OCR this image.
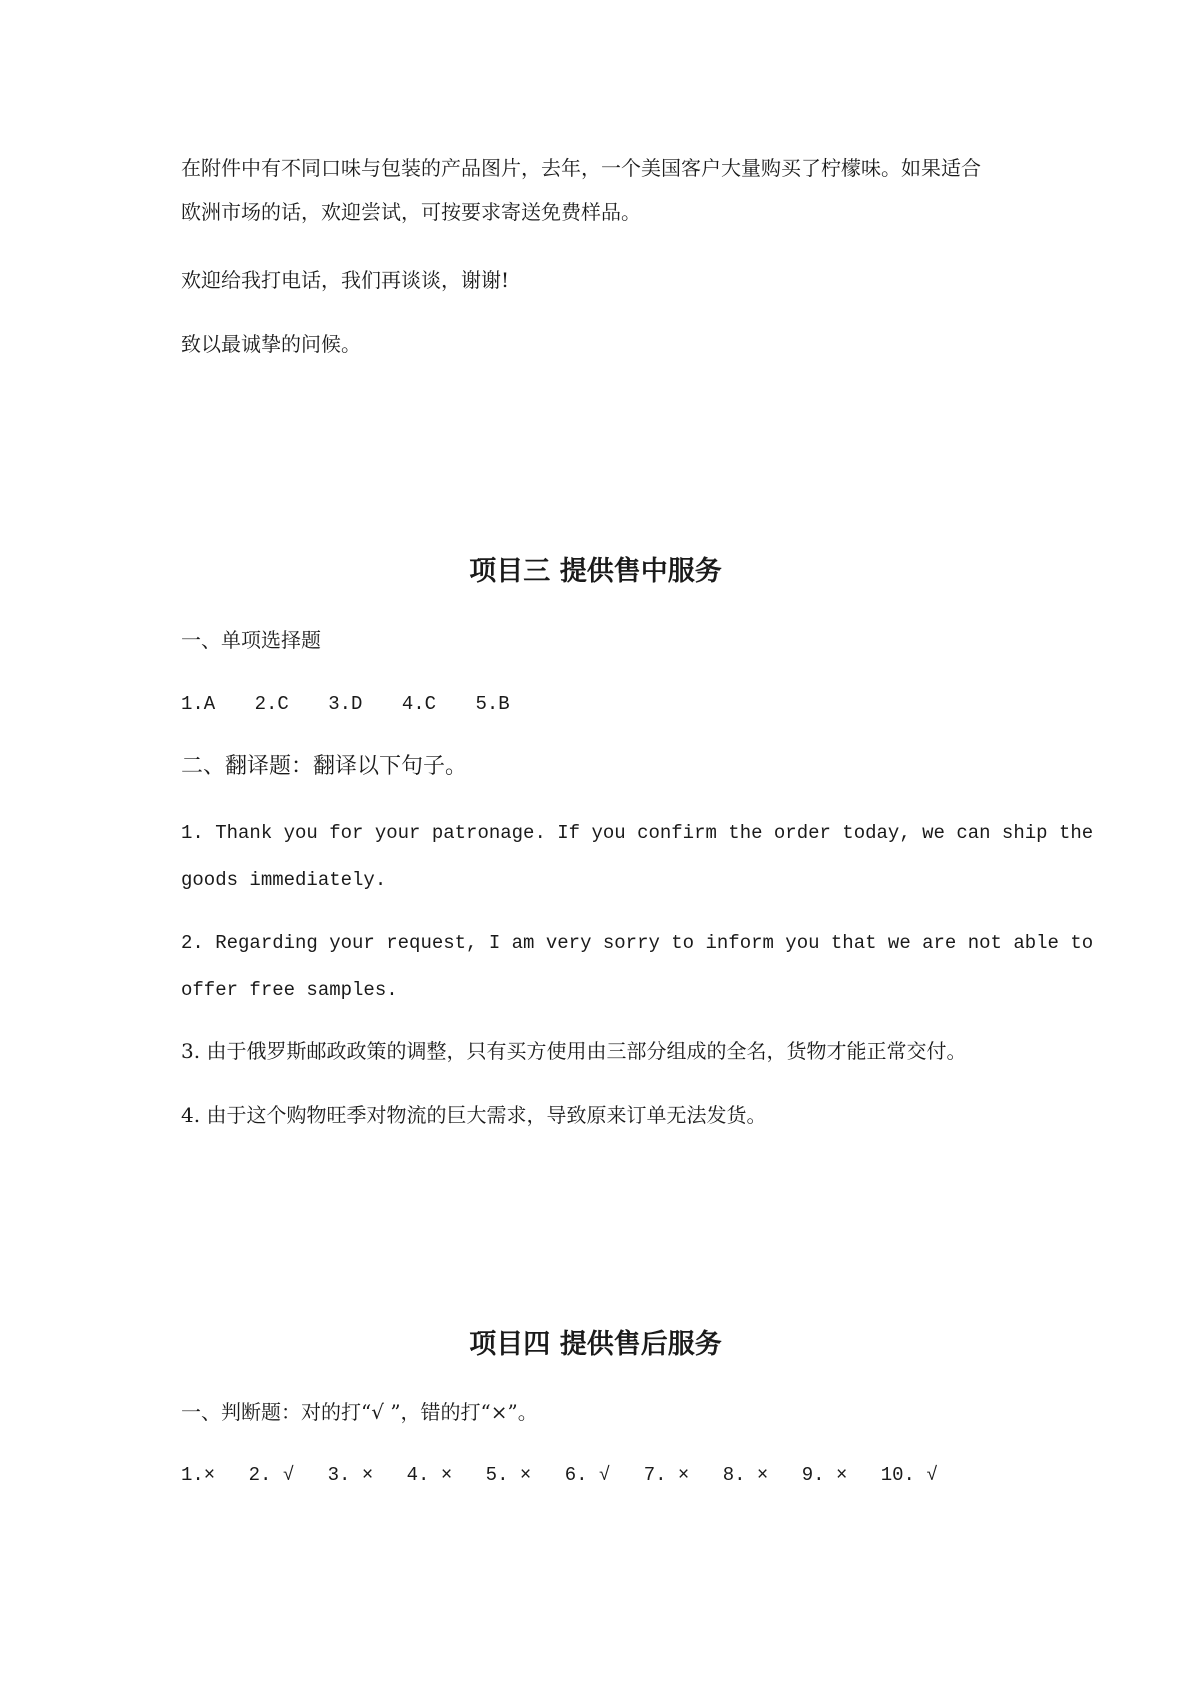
在附件中有不同口味与包装的产品图片，去年，一个美国客户大量购买了柠檬味。如果适合
欧洲市场的话，欢迎尝试，可按要求寄送免费样品。
欢迎给我打电话，我们再谈谈，谢谢!
致以最诚挚的问候。
项目三 提供售中服务
一、单项选择题
1.A 2.C 3.D 4.C 5.B
二、翻译题：翻译以下句子。
1. Thank you for your patronage. If you confirm the order today, we can ship the
goods immediately.
2. Regarding your request, I am very sorry to inform you that we are not able to
offer free samples.
3. 由于俄罗斯邮政政策的调整，只有买方使用由三部分组成的全名，货物才能正常交付。
4. 由于这个购物旺季对物流的巨大需求，导致原来订单无法发货。
项目四 提供售后服务
一、判断题：对的打“√ ”，错的打“×”。
1.× 2. √ 3. × 4. × 5. × 6. √ 7. × 8. × 9. × 10. √
